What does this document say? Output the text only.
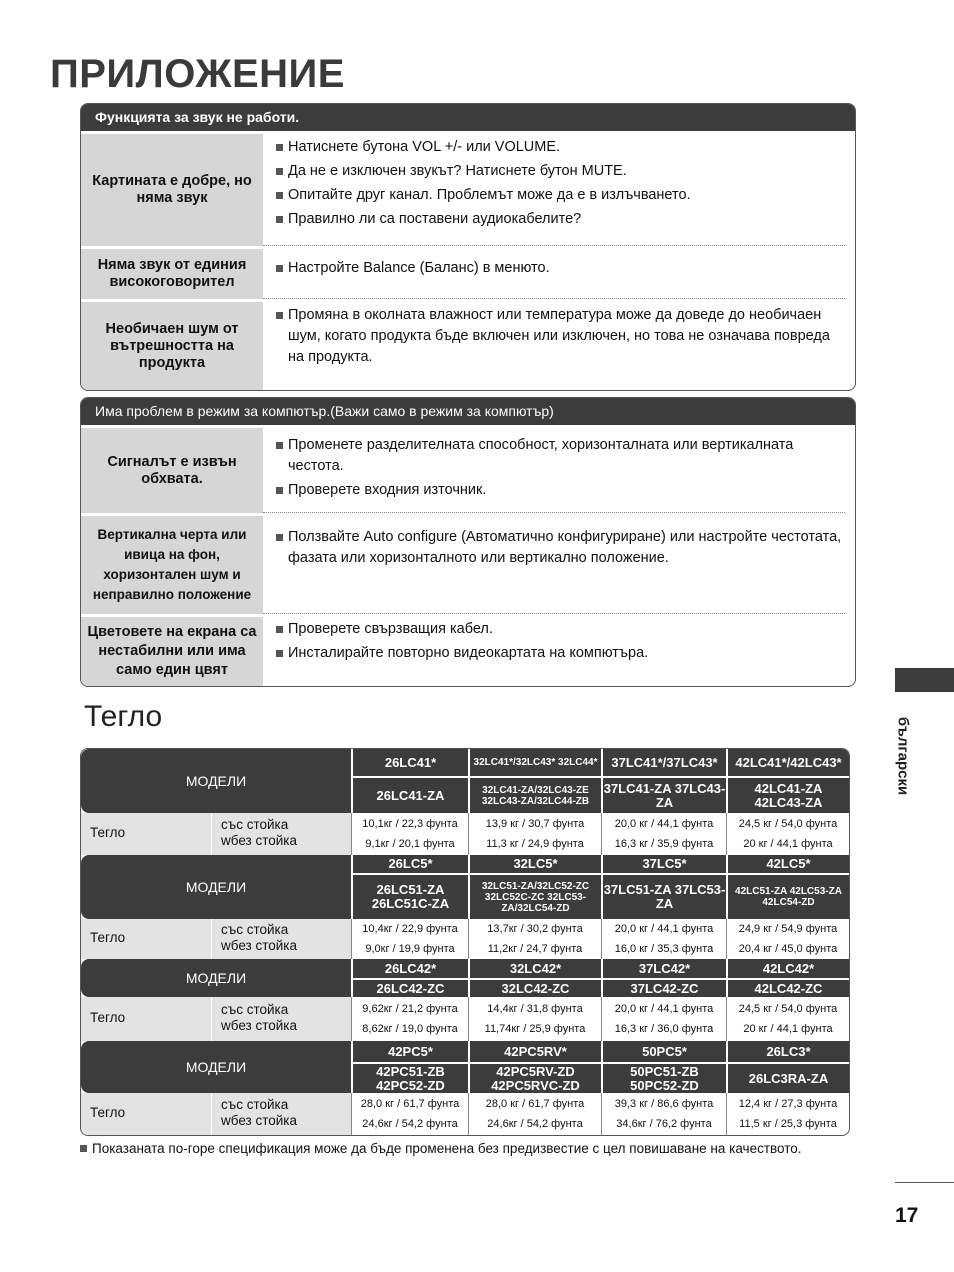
ПРИЛОЖЕНИЕ
Функцията за звук не работи.
Картината е добре, но няма звук
Натиснете бутона VOL +/- или VOLUME.
Да не е изключен звукът? Натиснете бутон MUTE.
Опитайте друг канал. Проблемът може да е в излъчването.
Правилно ли са поставени аудиокабелите?
Няма звук от единия високоговорител
Настройте Balance (Баланс) в менюто.
Необичаен шум от вътрешността на продукта
Промяна в околната влажност или температура може да доведе до необичаен шум, когато продукта бъде включен или изключен, но това не означава повреда на продукта.
Има проблем в режим за компютър.(Важи само в режим за компютър)
Сигналът е извън обхвата.
Променете разделителната способност, хоризонталната или вертикалната честота.
Проверете входния източник.
Вертикална черта или ивица на фон, хоризонтален шум и неправилно положение
Ползвайте Auto configure (Автоматично конфигуриране) или настройте честотата, фазата или хоризонталното или вертикално положение.
Цветовете на екрана са нестабилни или има само един цвят
Проверете свързващия кабел.
Инсталирайте повторно видеокартата на компютъра.
Тегло
МОДЕЛИ
26LC41*
26LC41-ZA
32LC41*/32LC43* 32LC44*
32LC41-ZA/32LC43-ZE 32LC43-ZA/32LC44-ZB
37LC41*/37LC43*
37LC41-ZA 37LC43-ZA
42LC41*/42LC43*
42LC41-ZA 42LC43-ZA
Тегло
със стойка
wбез стойка
10,1кг / 22,3 фунта
9,1кг / 20,1 фунта
13,9 кг / 30,7 фунта
11,3 кг / 24,9 фунта
20,0 кг / 44,1 фунта
16,3 кг / 35,9 фунта
24,5 кг / 54,0 фунта
20 кг / 44,1 фунта
МОДЕЛИ
26LC5*
26LC51-ZA 26LC51C-ZA
32LC5*
32LC51-ZA/32LC52-ZC 32LC52C-ZC 32LC53-ZA/32LC54-ZD
37LC5*
37LC51-ZA 37LC53-ZA
42LC5*
42LC51-ZA 42LC53-ZA 42LC54-ZD
Тегло
със стойка
wбез стойка
10,4кг / 22,9 фунта
9,0кг / 19,9 фунта
13,7кг / 30,2 фунта
11,2кг / 24,7 фунта
20,0 кг / 44,1 фунта
16,0 кг / 35,3 фунта
24,9 кг / 54,9 фунта
20,4 кг / 45,0 фунта
МОДЕЛИ
26LC42*
26LC42-ZC
32LC42*
32LC42-ZC
37LC42*
37LC42-ZC
42LC42*
42LC42-ZC
Тегло
със стойка
wбез стойка
9,62кг / 21,2 фунта
8,62кг / 19,0 фунта
14,4кг / 31,8 фунта
11,74кг / 25,9 фунта
20,0 кг / 44,1 фунта
16,3 кг / 36,0 фунта
24,5 кг / 54,0 фунта
20 кг / 44,1 фунта
МОДЕЛИ
42PC5*
42PC51-ZB 42PC52-ZD
42PC5RV*
42PC5RV-ZD 42PC5RVC-ZD
50PC5*
50PC51-ZB 50PC52-ZD
26LC3*
26LC3RA-ZA
Тегло
със стойка
wбез стойка
28,0 кг / 61,7 фунта
24,6кг / 54,2 фунта
28,0 кг / 61,7 фунта
24,6кг / 54,2 фунта
39,3 кг / 86,6 фунта
34,6кг / 76,2 фунта
12,4 кг / 27,3 фунта
11,5 кг / 25,3 фунта
български
Показаната по-горе спецификация може да бъде променена без предизвестие с цел повишаване на качеството.
17
